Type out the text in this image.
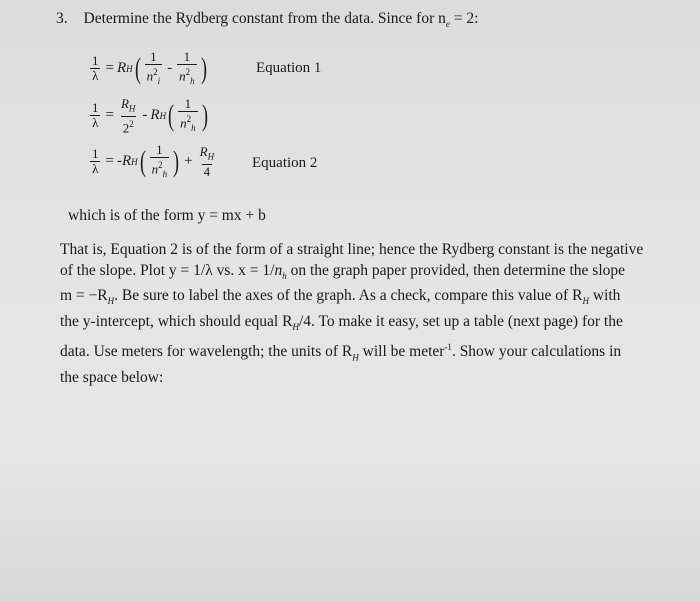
3. Determine the Rydberg constant from the data. Since for $n_e = 2$:
$\frac{1}{\lambda} = R$ H ( $\frac{1}{n^2_i} - \frac{1}{n^2_h}$ )	Equation 1
$\frac{1}{\lambda} = \frac{R_H}{2^2} - R$ H ( $\frac{1}{n^2_h}$ )
$\frac{1}{\lambda} = -R$ H ( $\frac{1}{n^2_h}$ ) + $\frac{R_H}{4}$ Equation 2
which is of the form y = mx + b
That is, Equation 2 is of the form of a straight line; hence the Rydberg constant is the negative
of the slope. Plot y = 1/λ vs. $x = 1/n_h$ on the graph paper provided, then determine the slope
$m = -R_H$. Be sure to label the axes of the graph. As a check, compare this value of $R_H$ with
the y-intercept, which should equal $R_H/4$. To make it easy, set up a table (next page) for the
data. Use meters for wavelength; the units of $R_H$ will be meter$^{-1}$. Show your calculations in
the space below:
